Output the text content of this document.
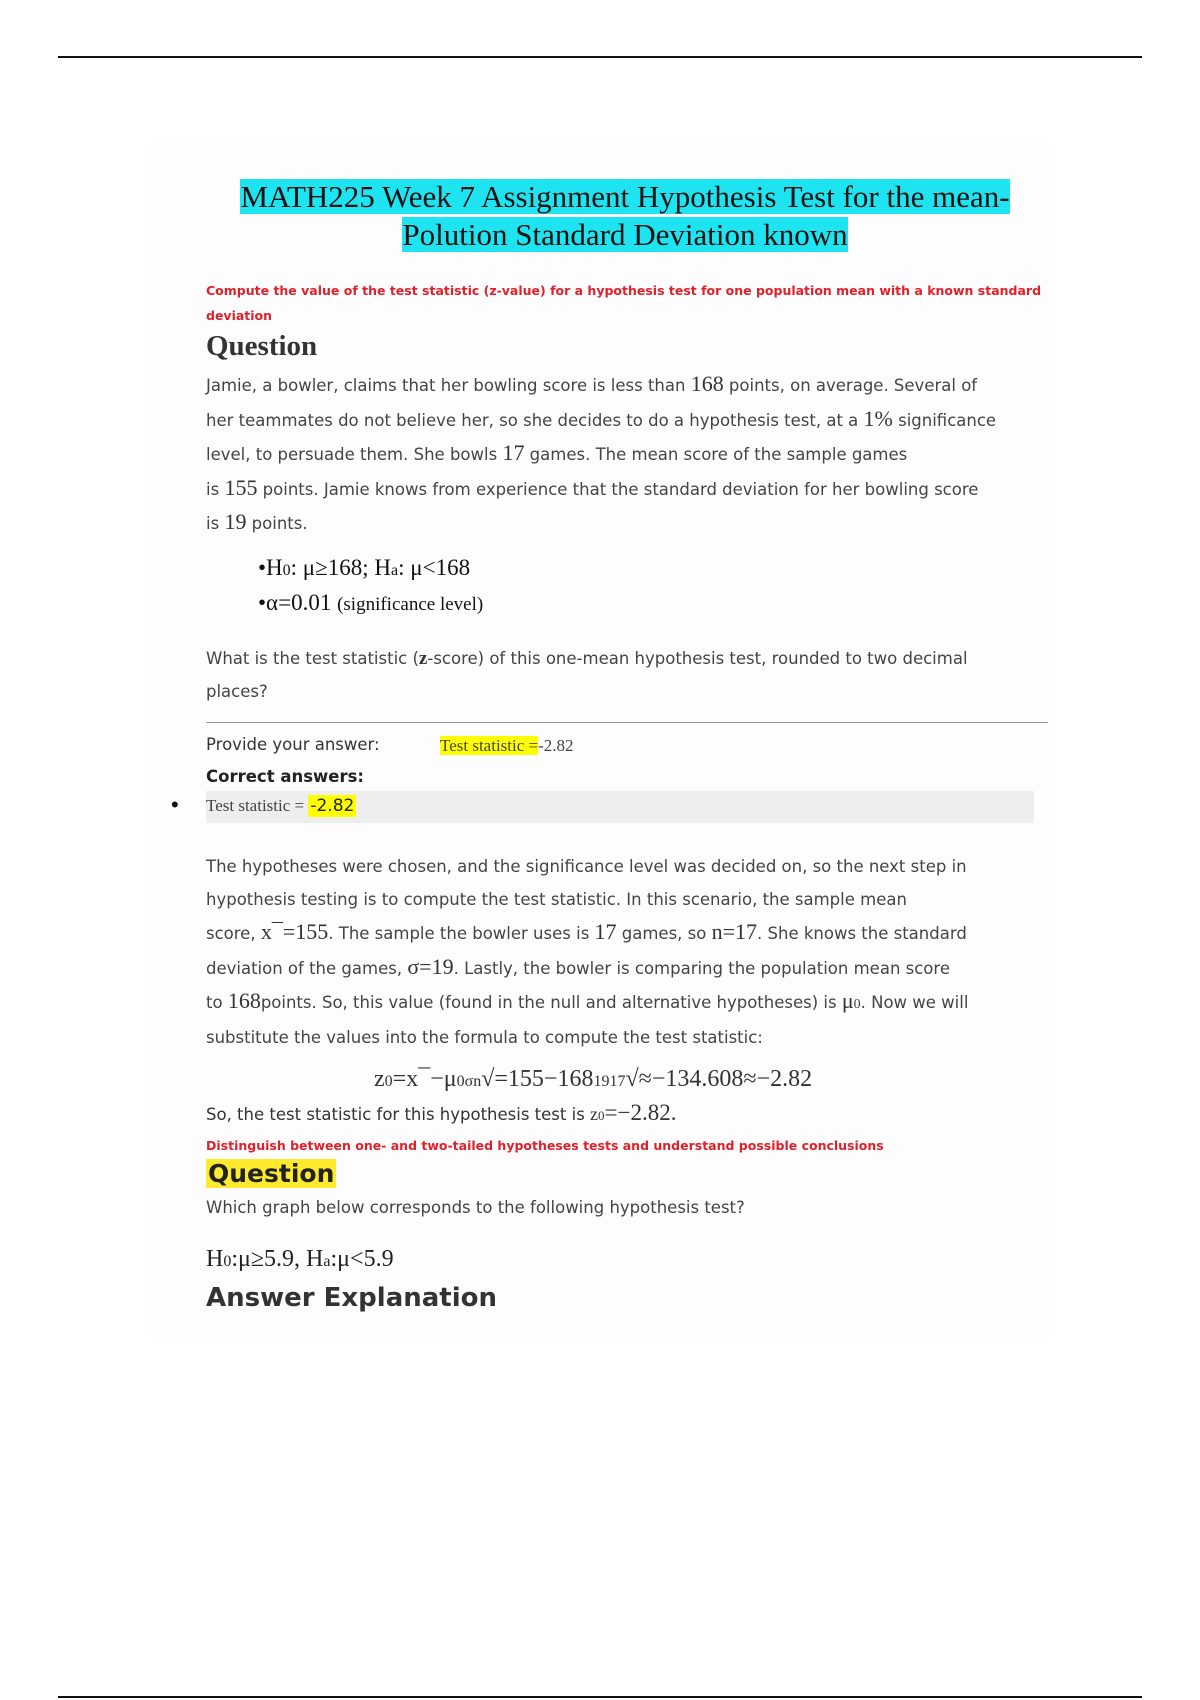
MATH225 Week 7 Assignment Hypothesis Test for the mean-
Polution Standard Deviation known
Compute the value of the test statistic (z-value) for a hypothesis test for one population mean with a known standard
deviation
Question
Jamie, a bowler, claims that her bowling score is less than 168 points, on average. Several of
her teammates do not believe her, so she decides to do a hypothesis test, at a 1% significance
level, to persuade them. She bowls 17 games. The mean score of the sample games
is 155 points. Jamie knows from experience that the standard deviation for her bowling score
is 19 points.
•H0: μ≥168; Ha: μ<168
•α=0.01 (significance level)
What is the test statistic (z-score) of this one-mean hypothesis test, rounded to two decimal
places?
Provide your answer:	Test statistic =-2.82
Correct answers:
• Test statistic = -2.82
The hypotheses were chosen, and the significance level was decided on, so the next step in
hypothesis testing is to compute the test statistic. In this scenario, the sample mean
score, x¯=155. The sample the bowler uses is 17 games, so n=17. She knows the standard
deviation of the games, σ=19. Lastly, the bowler is comparing the population mean score
to 168points. So, this value (found in the null and alternative hypotheses) is μ0. Now we will
substitute the values into the formula to compute the test statistic:
z0=x¯−μ0σn√=155−1681917√≈−134.608≈−2.82
So, the test statistic for this hypothesis test is z0=−2.82.
Distinguish between one- and two-tailed hypotheses tests and understand possible conclusions
Question
Which graph below corresponds to the following hypothesis test?
H0:μ≥5.9, Ha:μ<5.9
Answer Explanation
